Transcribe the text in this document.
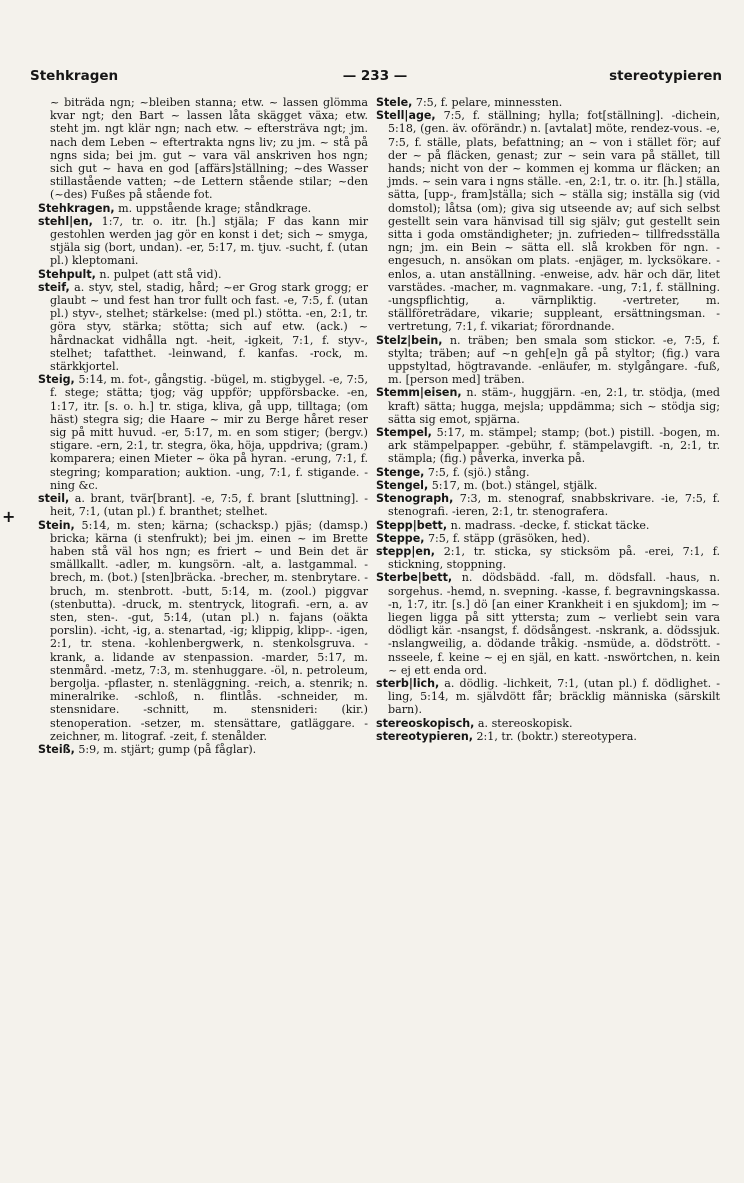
Stehkragen	— 233 —	stereotypieren

~ biträda ngn; ~bleiben stanna; etw. ~ lassen glömma kvar ngt; den Bart ~ lassen låta skägget växa; etw. steht jm. ngt klär ngn; nach etw. ~ eftersträva ngt; jm. nach dem Leben ~ eftertrakta ngns liv; zu jm. ~ stå på ngns sida; bei jm. gut ~ vara väl anskriven hos ngn; sich gut ~ hava en god [affärs]ställning; ~des Wasser stillastående vatten; ~de Lettern stående stilar; ~den (~des) Fußes på stående fot.

Stehkragen, m. uppstående krage; ståndkrage.

stehl|en, 1:7, tr. o. itr. [h.] stjäla; F das kann mir gestohlen werden jag gör en konst i det; sich ~ smyga, stjäla sig (bort, undan). -er, 5:17, m. tjuv. -sucht, f. (utan pl.) kleptomani.

Stehpult, n. pulpet (att stå vid).

steif, a. styv, stel, stadig, hård; ~er Grog stark grogg; er glaubt ~ und fest han tror fullt och fast. -e, 7:5, f. (utan pl.) styv-, stelhet; stärkelse: (med pl.) stötta. -en, 2:1, tr. göra styv, stärka; stötta; sich auf etw. (ack.) ~ hårdnackat vidhålla ngt. -heit, -igkeit, 7:1, f. styv-, stelhet; tafatthet. -leinwand, f. kanfas. -rock, m. stärkkjortel.

Steig, 5:14, m. fot-, gångstig. -bügel, m. stigbygel. -e, 7:5, f. stege; stätta; tjog; väg uppför; uppförsbacke. -en, 1:17, itr. [s. o. h.] tr. stiga, kliva, gå upp, tilltaga; (om häst) stegra sig; die Haare ~ mir zu Berge håret reser sig på mitt huvud. -er, 5:17, m. en som stiger; (bergv.) stigare. -ern, 2:1, tr. stegra, öka, höja, uppdriva; (gram.) komparera; einen Mieter ~ öka på hyran. -erung, 7:1, f. stegring; komparation; auktion. -ung, 7:1, f. stigande. -ning &c.

steil, a. brant, tvär[brant]. -e, 7:5, f. brant [sluttning]. -heit, 7:1, (utan pl.) f. branthet; stelhet.

Stein, 5:14, m. sten; kärna; (schacksp.) pjäs; (damsp.) bricka; kärna (i stenfrukt); bei jm. einen ~ im Brette haben stå väl hos ngn; es friert ~ und Bein det är smällkallt. -adler, m. kungsörn. -alt, a. lastgammal. -brech, m. (bot.) [sten]bräcka. -brecher, m. stenbrytare. -bruch, m. stenbrott. -butt, 5:14, m. (zool.) piggvar (stenbutta). -druck, m. stentryck, litografi. -ern, a. av sten, sten-. -gut, 5:14, (utan pl.) n. fajans (oäkta porslin). -icht, -ig, a. stenartad, -ig; klippig, klipp-. -igen, 2:1, tr. stena. -kohlenbergwerk, n. stenkolsgruva. -krank, a. lidande av stenpassion. -marder, 5:17, m. stenmård. -metz, 7:3, m. stenhuggare. -öl, n. petroleum, bergolja. -pflaster, n. stenläggning. -reich, a. stenrik; n. mineralrike. -schloß, n. flintlås. -schneider, m. stensnidare. -schnitt, m. stensnideri: (kir.) stenoperation. -setzer, m. stensättare, gatläggare. -zeichner, m. litograf. -zeit, f. stenålder.

Steiß, 5:9, m. stjärt; gump (på fåglar).

Stele, 7:5, f. pelare, minnessten.

Stell|age, 7:5, f. ställning; hylla; fot[ställning]. -dichein, 5:18, (gen. äv. oförändr.) n. [avtalat] möte, rendez-vous. -e, 7:5, f. ställe, plats, befattning; an ~ von i stället för; auf der ~ på fläcken, genast; zur ~ sein vara på stället, till hands; nicht von der ~ kommen ej komma ur fläcken; an jmds. ~ sein vara i ngns ställe. -en, 2:1, tr. o. itr. [h.] ställa, sätta, [upp-, fram]ställa; sich ~ ställa sig; inställa sig (vid domstol); låtsa (om); giva sig utseende av; auf sich selbst gestellt sein vara hänvisad till sig själv; gut gestellt sein sitta i goda omständigheter; jn. zufrieden~ tillfredsställa ngn; jm. ein Bein ~ sätta ell. slå krokben för ngn. -engesuch, n. ansökan om plats. -enjäger, m. lycksökare. -enlos, a. utan anställning. -enweise, adv. här och där, litet varstädes. -macher, m. vagnmakare. -ung, 7:1, f. ställning. -ungspflichtig, a. värnpliktig. -vertreter, m. ställföreträdare, vikarie; suppleant, ersättningsman. -vertretung, 7:1, f. vikariat; förordnande.

Stelz|bein, n. träben; ben smala som stickor. -e, 7:5, f. stylta; träben; auf ~n geh[e]n gå på styltor; (fig.) vara uppstyltad, högtravande. -enläufer, m. stylgångare. -fuß, m. [person med] träben.

Stemm|eisen, n. stäm-, huggjärn. -en, 2:1, tr. stödja, (med kraft) sätta; hugga, mejsla; uppdämma; sich ~ stödja sig; sätta sig emot, spjärna.

Stempel, 5:17, m. stämpel; stamp; (bot.) pistill. -bogen, m. ark stämpelpapper. -gebühr, f. stämpelavgift. -n, 2:1, tr. stämpla; (fig.) påverka, inverka på.

Stenge, 7:5, f. (sjö.) stång.

Stengel, 5:17, m. (bot.) stängel, stjälk.

Stenograph, 7:3, m. stenograf, snabbskrivare. -ie, 7:5, f. stenografi. -ieren, 2:1, tr. stenografera.

Stepp|bett, n. madrass. -decke, f. stickat täcke.

Steppe, 7:5, f. stäpp (gräsöken, hed).

stepp|en, 2:1, tr. sticka, sy sticksöm på. -erei, 7:1, f. stickning, stoppning.

Sterbe|bett, n. dödsbädd. -fall, m. dödsfall. -haus, n. sorgehus. -hemd, n. svepning. -kasse, f. begravningskassa. -n, 1:7, itr. [s.] dö [an einer Krankheit i en sjukdom]; im ~ liegen ligga på sitt yttersta; zum ~ verliebt sein vara dödligt kär. -nsangst, f. dödsångest. -nskrank, a. dödssjuk. -nslangweilig, a. dödande tråkig. -nsmüde, a. dödstrött. -nsseele, f. keine ~ ej en själ, en katt. -nswörtchen, n. kein ~ ej ett enda ord.

sterb|lich, a. dödlig. -lichkeit, 7:1, (utan pl.) f. dödlighet. -ling, 5:14, m. självdött får; bräcklig människa (särskilt barn).

stereoskopisch, a. stereoskopisk.

stereotypieren, 2:1, tr. (boktr.) stereotypera.

+
